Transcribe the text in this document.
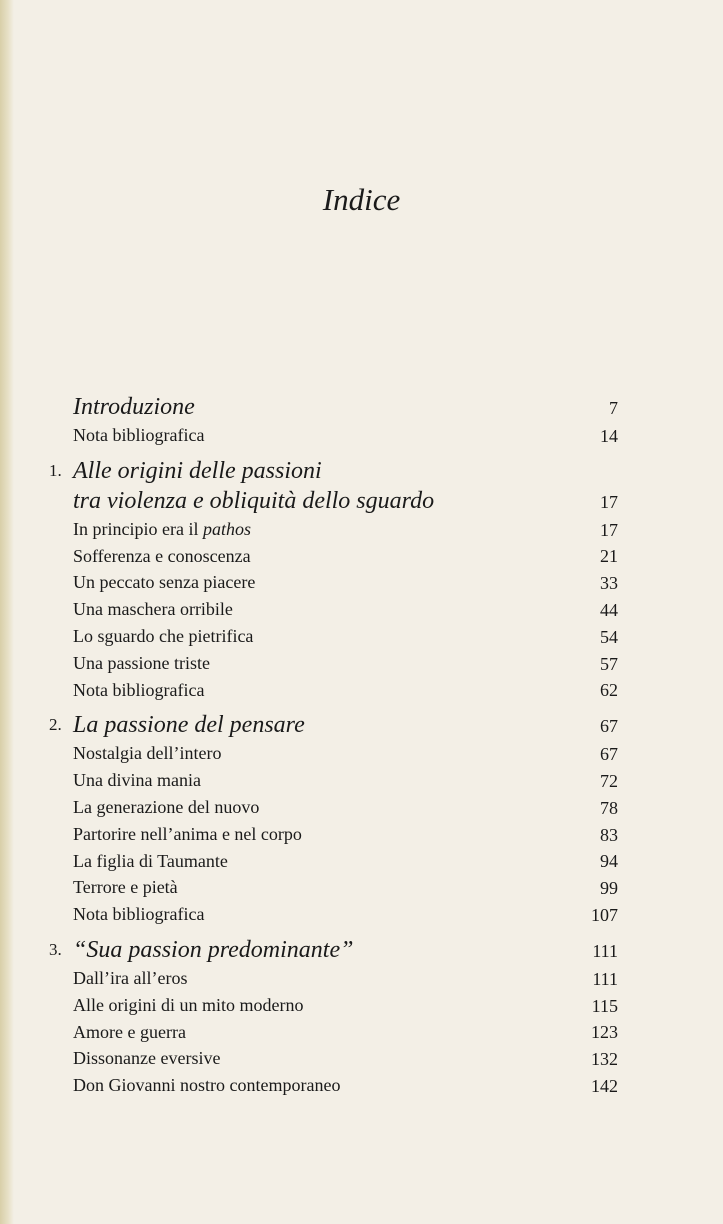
Indice
Introduzione	7
Nota bibliografica	14
1. Alle origini delle passioni
tra violenza e obliquità dello sguardo	17
In principio era il pathos	17
Sofferenza e conoscenza	21
Un peccato senza piacere	33
Una maschera orribile	44
Lo sguardo che pietrifica	54
Una passione triste	57
Nota bibliografica	62
2. La passione del pensare	67
Nostalgia dell’intero	67
Una divina mania	72
La generazione del nuovo	78
Partorire nell’anima e nel corpo	83
La figlia di Taumante	94
Terrore e pietà	99
Nota bibliografica	107
3. “Sua passion predominante”	111
Dall’ira all’eros	111
Alle origini di un mito moderno	115
Amore e guerra	123
Dissonanze eversive	132
Don Giovanni nostro contemporaneo	142
